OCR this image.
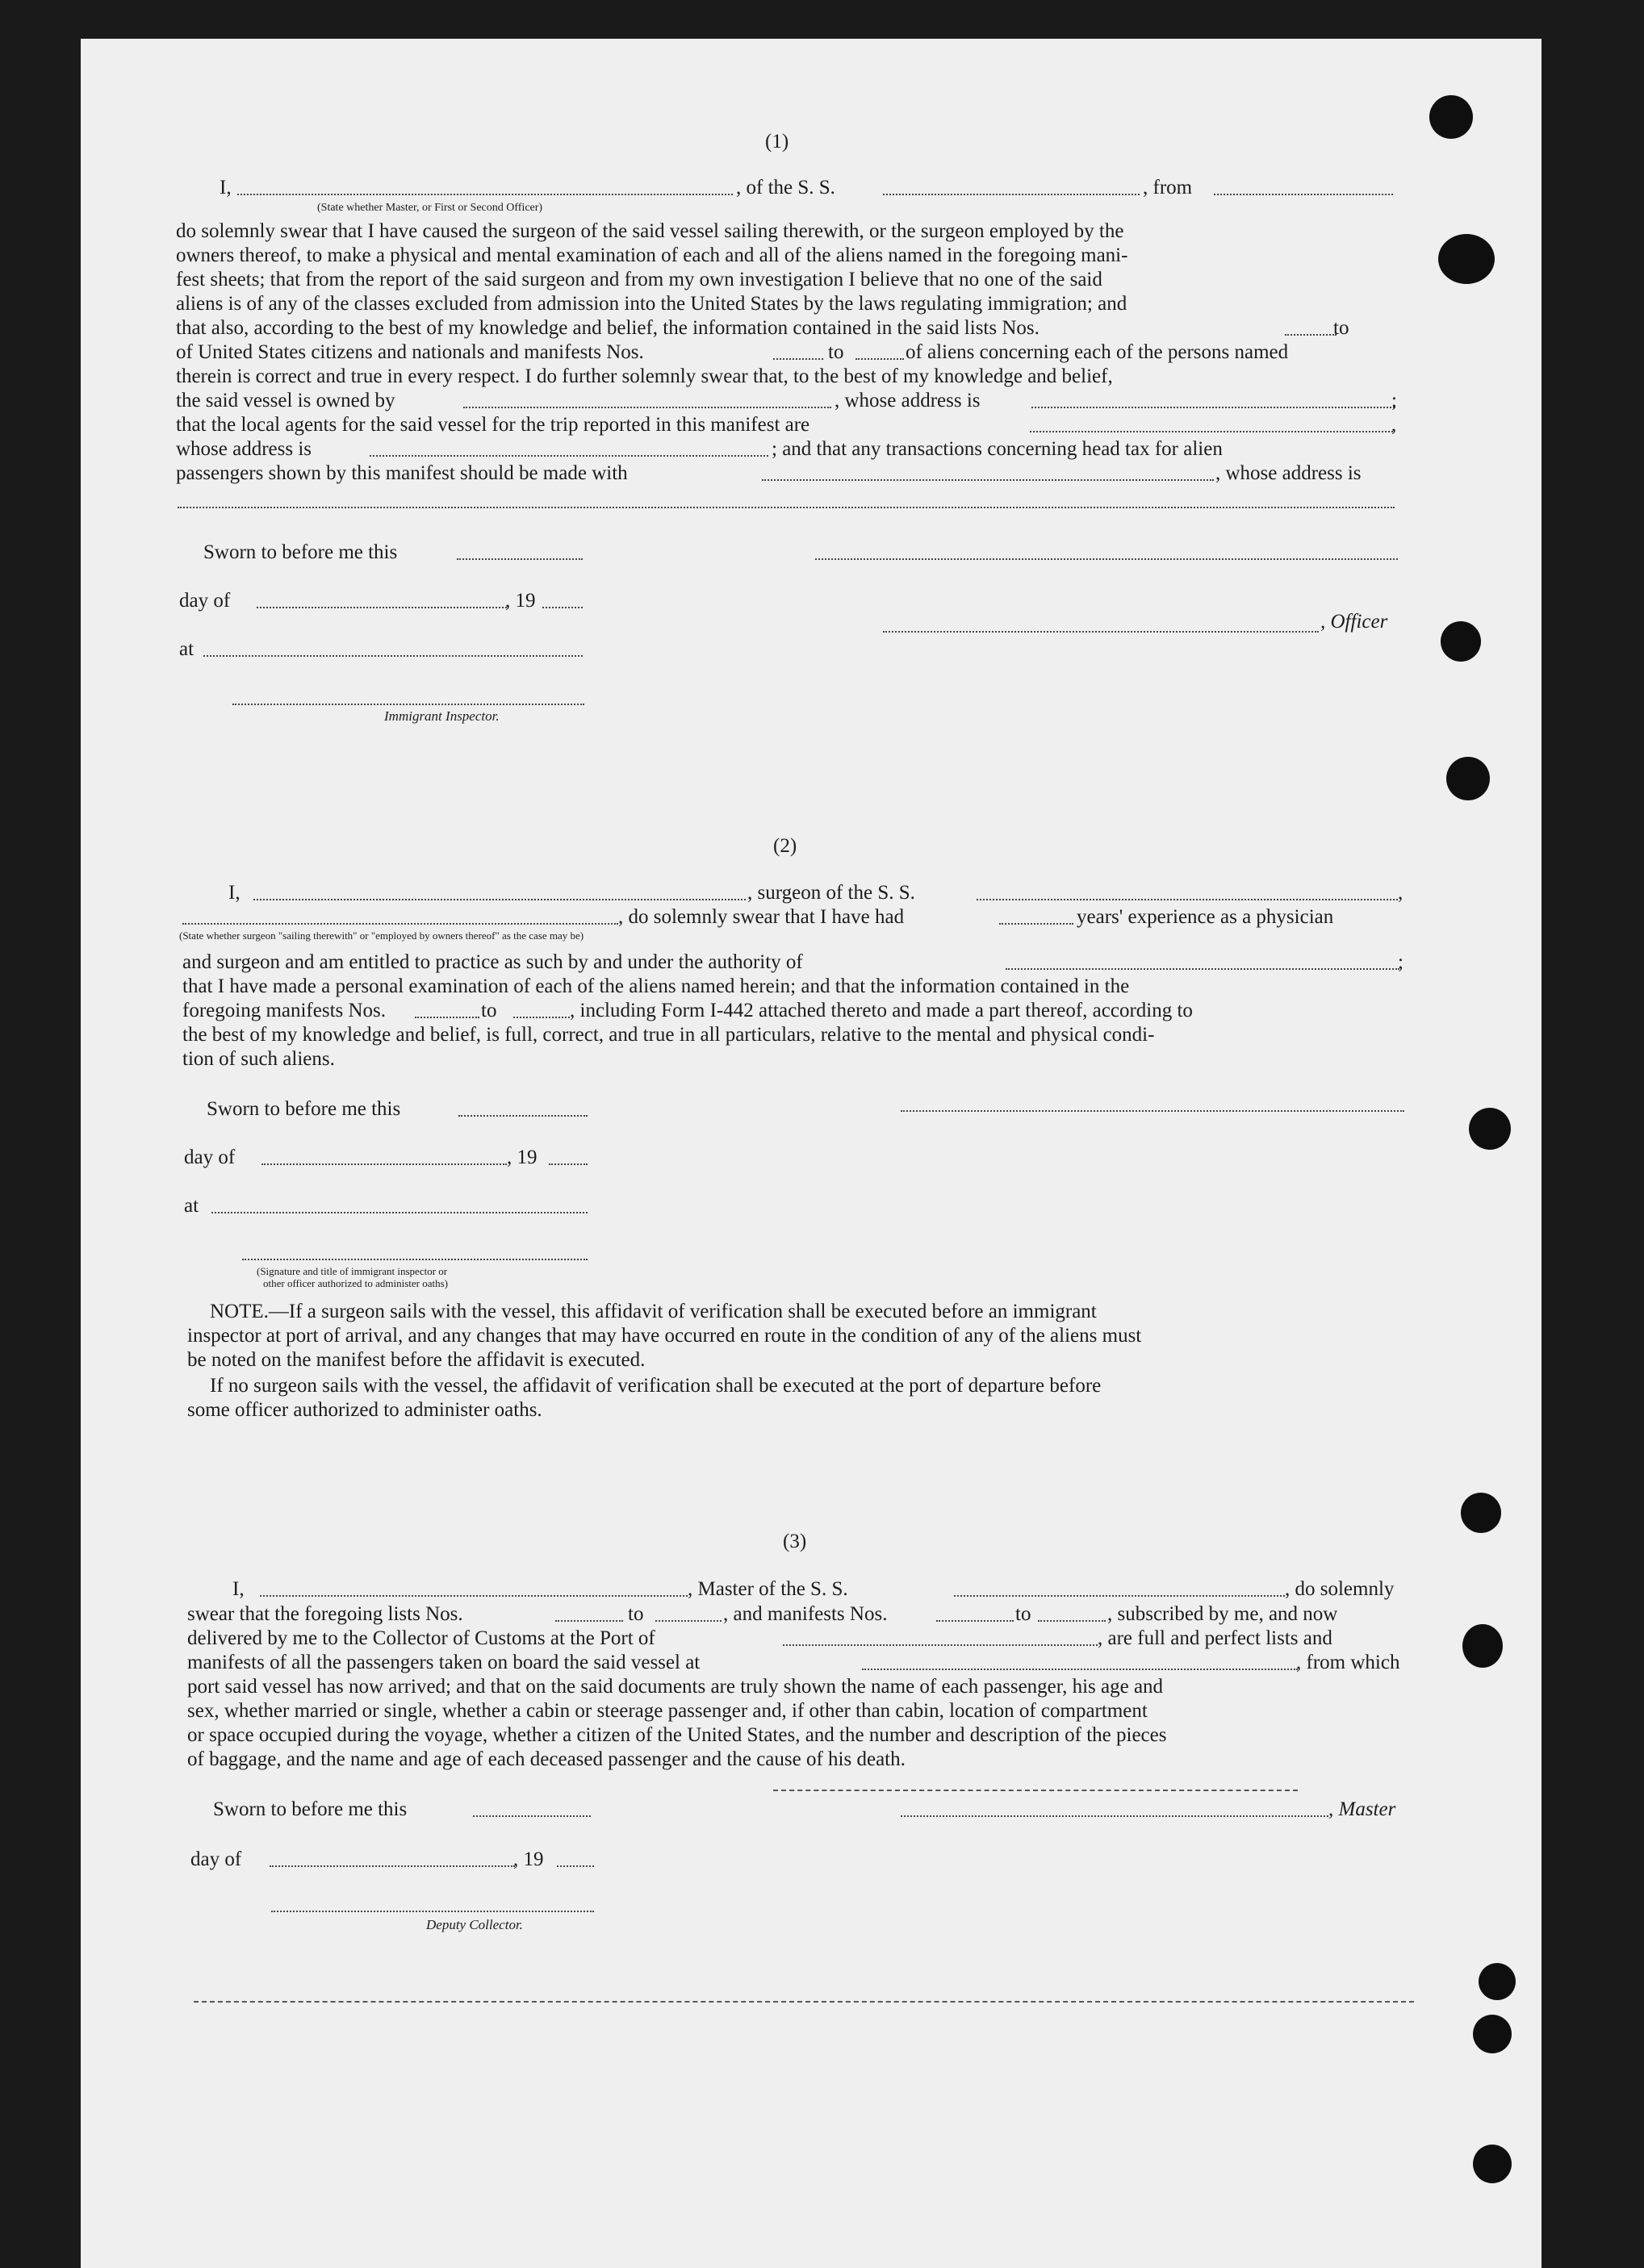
(1)
I,	, of the S. S.	, from
(State whether Master, or First or Second Officer)
do solemnly swear that I have caused the surgeon of the said vessel sailing therewith, or the surgeon employed by the
owners thereof, to make a physical and mental examination of each and all of the aliens named in the foregoing mani-
fest sheets; that from the report of the said surgeon and from my own investigation I believe that no one of the said
aliens is of any of the classes excluded from admission into the United States by the laws regulating immigration; and
that also, according to the best of my knowledge and belief, the information contained in the said lists Nos.	to
of United States citizens and nationals and manifests Nos.	to	of aliens concerning each of the persons named
therein is correct and true in every respect. I do further solemnly swear that, to the best of my knowledge and belief,
the said vessel is owned by	, whose address is	;
that the local agents for the said vessel for the trip reported in this manifest are	,
whose address is	; and that any transactions concerning head tax for alien
passengers shown by this manifest should be made with	, whose address is
Sworn to before me this
day of	, 19
, Officer
at
Immigrant Inspector.
(2)
I,	, surgeon of the S. S.	,
, do solemnly swear that I have had	years' experience as a physician
(State whether surgeon "sailing therewith" or "employed by owners thereof" as the case may be)
and surgeon and am entitled to practice as such by and under the authority of	;
that I have made a personal examination of each of the aliens named herein; and that the information contained in the
foregoing manifests Nos.	to	, including Form I-442 attached thereto and made a part thereof, according to
the best of my knowledge and belief, is full, correct, and true in all particulars, relative to the mental and physical condi-
tion of such aliens.
Sworn to before me this
day of	, 19
at
(Signature and title of immigrant inspector or
other officer authorized to administer oaths)
NOTE.—If a surgeon sails with the vessel, this affidavit of verification shall be executed before an immigrant
inspector at port of arrival, and any changes that may have occurred en route in the condition of any of the aliens must
be noted on the manifest before the affidavit is executed.
If no surgeon sails with the vessel, the affidavit of verification shall be executed at the port of departure before
some officer authorized to administer oaths.
(3)
I,	, Master of the S. S.	, do solemnly
swear that the foregoing lists Nos.	to	, and manifests Nos.	to	, subscribed by me, and now
delivered by me to the Collector of Customs at the Port of	, are full and perfect lists and
manifests of all the passengers taken on board the said vessel at	, from which
port said vessel has now arrived; and that on the said documents are truly shown the name of each passenger, his age and
sex, whether married or single, whether a cabin or steerage passenger and, if other than cabin, location of compartment
or space occupied during the voyage, whether a citizen of the United States, and the number and description of the pieces
of baggage, and the name and age of each deceased passenger and the cause of his death.
Sworn to before me this	, Master
day of	, 19
Deputy Collector.
